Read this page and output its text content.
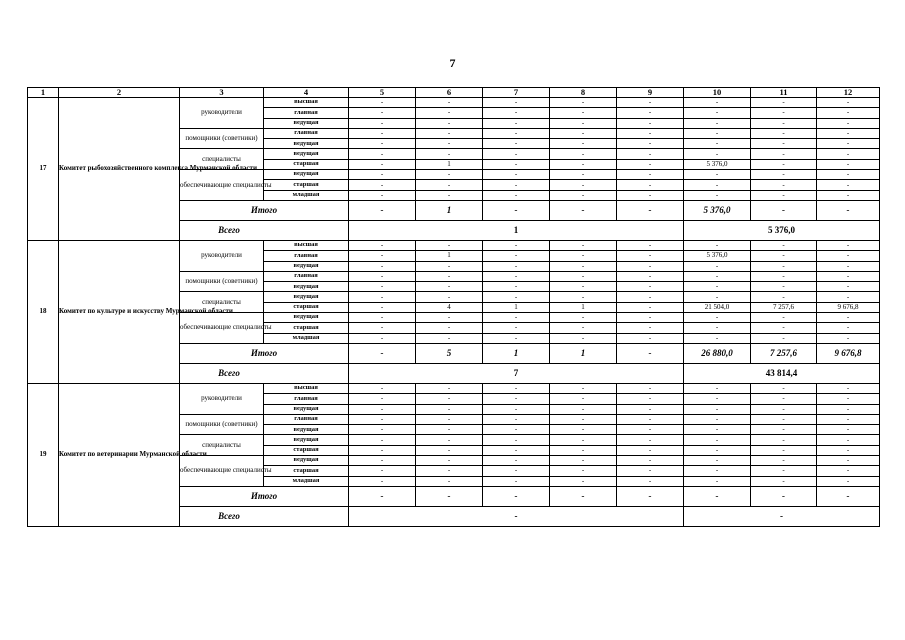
7
1	2	3	4	5	6	7	8	9	10	11	12
17	Комитет рыбохозяйственного комплекса Мурманской области	руководители	высшая	-	-	-	-	-	-	-	-
			главная	-	-	-	-	-	-	-	-
			ведущая	-	-	-	-	-	-	-	-
		помощники (советники)	главная	-	-	-	-	-	-	-	-
			ведущая	-	-	-	-	-	-	-	-
		специалисты	ведущая	-	-	-	-	-	-	-	-
			старшая	-	1	-	-	-	5 376,0	-	-
		обеспечивающие специалисты	ведущая	-	-	-	-	-	-	-	-
			старшая	-	-	-	-	-	-	-	-
			младшая	-	-	-	-	-	-	-	-
		Итого		-	1	-	-	-	5 376,0	-	-
		Всего		1					5 376,0		
18	Комитет по культуре и искусству Мурманской области	руководители	высшая	-	-	-	-	-	-	-	-
			главная	-	1	-	-	-	5 376,0	-	-
			ведущая	-	-	-	-	-	-	-	-
		помощники (советники)	главная	-	-	-	-	-	-	-	-
			ведущая	-	-	-	-	-	-	-	-
		специалисты	ведущая	-	-	-	-	-	-	-	-
			старшая	-	4	1	1	-	21 504,0	7 257,6	9 676,8
		обеспечивающие специалисты	ведущая	-	-	-	-	-	-	-	-
			старшая	-	-	-	-	-	-	-	-
			младшая	-	-	-	-	-	-	-	-
		Итого		-	5	1	1	-	26 880,0	7 257,6	9 676,8
		Всего		7					43 814,4		
19	Комитет по ветеринарии Мурманской области	руководители	высшая	-	-	-	-	-	-	-	-
			главная	-	-	-	-	-	-	-	-
			ведущая	-	-	-	-	-	-	-	-
		помощники (советники)	главная	-	-	-	-	-	-	-	-
			ведущая	-	-	-	-	-	-	-	-
		специалисты	ведущая	-	-	-	-	-	-	-	-
			старшая	-	-	-	-	-	-	-	-
		обеспечивающие специалисты	ведущая	-	-	-	-	-	-	-	-
			старшая	-	-	-	-	-	-	-	-
			младшая	-	-	-	-	-	-	-	-
		Итого		-	-	-	-	-	-	-	-
		Всего		-					-		
